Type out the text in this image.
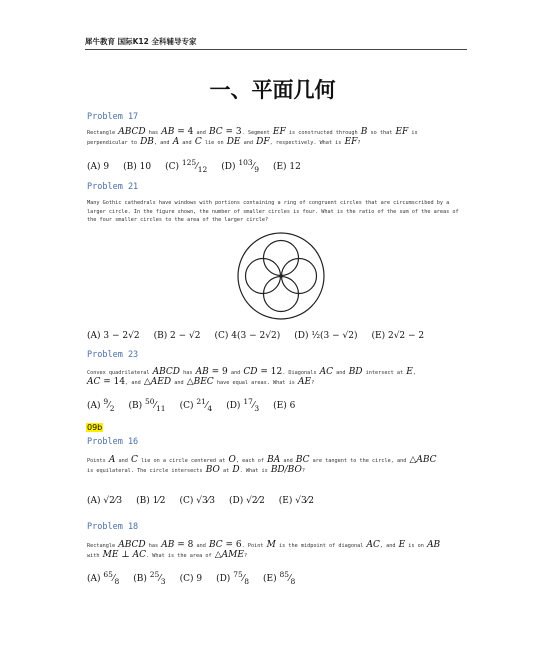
犀牛教育 国际K12 全科辅导专家
一、平面几何
Problem 17
Rectangle ABCD has AB = 4 and BC = 3. Segment EF is constructed through B so that EF is
perpendicular to DB, and A and C lie on DE and DF, respectively. What is EF?
(A) 9 (B) 10 (C) $^{125}⁄_{12}$ (D) $^{103}⁄_9$ (E) 12
Problem 21
Many Gothic cathedrals have windows with portions containing a ring of congruent circles that are circumscribed by a larger circle. In the figure shown, the number of smaller circles is four. What is the ratio of the sum of the areas of the four smaller circles to the area of the larger circle?
(A) 3 − 2√2 (B) 2 − √2 (C) 4(3 − 2√2) (D) ½(3 − √2) (E) 2√2 − 2
Problem 23
Convex quadrilateral ABCD has AB = 9 and CD = 12. Diagonals AC and BD intersect at E,
AC = 14, and △AED and △BEC have equal areas. What is AE?
(A) $^9⁄_2$ (B) $^{50}⁄_{11}$ (C) $^{21}⁄_4$ (D) $^{17}⁄_3$ (E) 6
09b
Problem 16
Points A and C lie on a circle centered at O, each of BA and BC are tangent to the circle, and △ABC
is equilateral. The circle intersects BO at D. What is BD/BO?
(A) √2⁄3 (B) 1⁄2 (C) √3⁄3 (D) √2⁄2 (E) √3⁄2
Problem 18
Rectangle ABCD has AB = 8 and BC = 6. Point M is the midpoint of diagonal AC, and E is on AB
with ME ⊥ AC. What is the area of △AME?
(A) $^{65}⁄_8$ (B) $^{25}⁄_3$ (C) 9 (D) $^{75}⁄_8$ (E) $^{85}⁄_8$
